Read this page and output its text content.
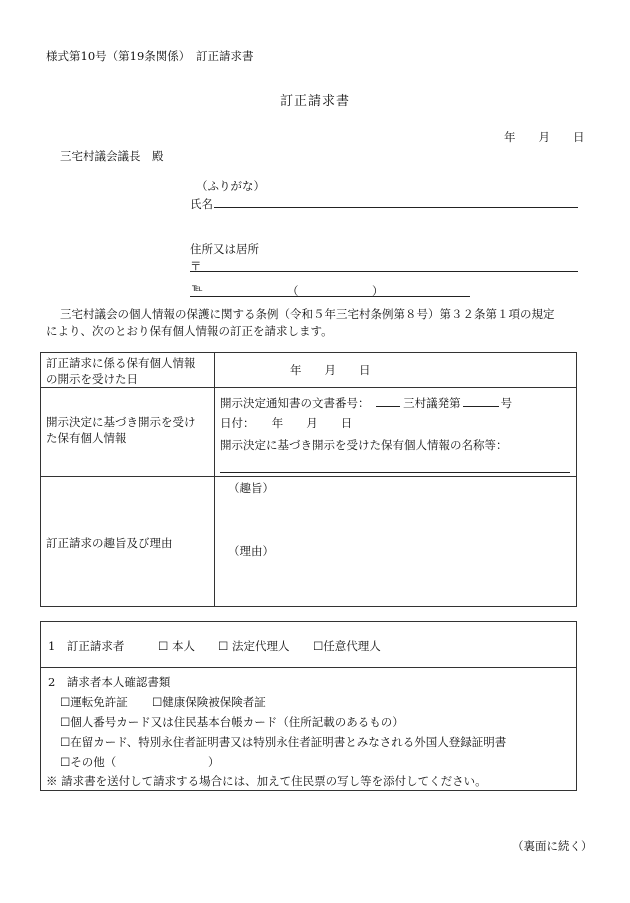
様式第10号（第19条関係）　訂正請求書
訂正請求書
年　　月　　日
三宅村議会議長　殿
（ふりがな）
氏名
住所又は居所
〒
℡	（	）
三宅村議会の個人情報の保護に関する条例（令和５年三宅村条例第８号）第３２条第１項の規定
により、次のとおり保有個人情報の訂正を請求します。
訂正請求に係る保有個人情報
の開示を受けた日
年　　月　　日
開示決定に基づき開示を受け
た保有個人情報
開示決定通知書の文書番号：	三村議発第	号
日付：　　年　　月　　日
開示決定に基づき開示を受けた保有個人情報の名称等：
訂正請求の趣旨及び理由
（趣旨）
（理由）
1　訂正請求者	☐ 本人 ☐ 法定代理人 ☐任意代理人
2　請求者本人確認書類
☐運転免許証 ☐健康保険被保険者証
☐個人番号カード又は住民基本台帳カード（住所記載のあるもの）
☐在留カード、特別永住者証明書又は特別永住者証明書とみなされる外国人登録証明書
☐その他（	）
※ 請求書を送付して請求する場合には、加えて住民票の写し等を添付してください。
（裏面に続く）
